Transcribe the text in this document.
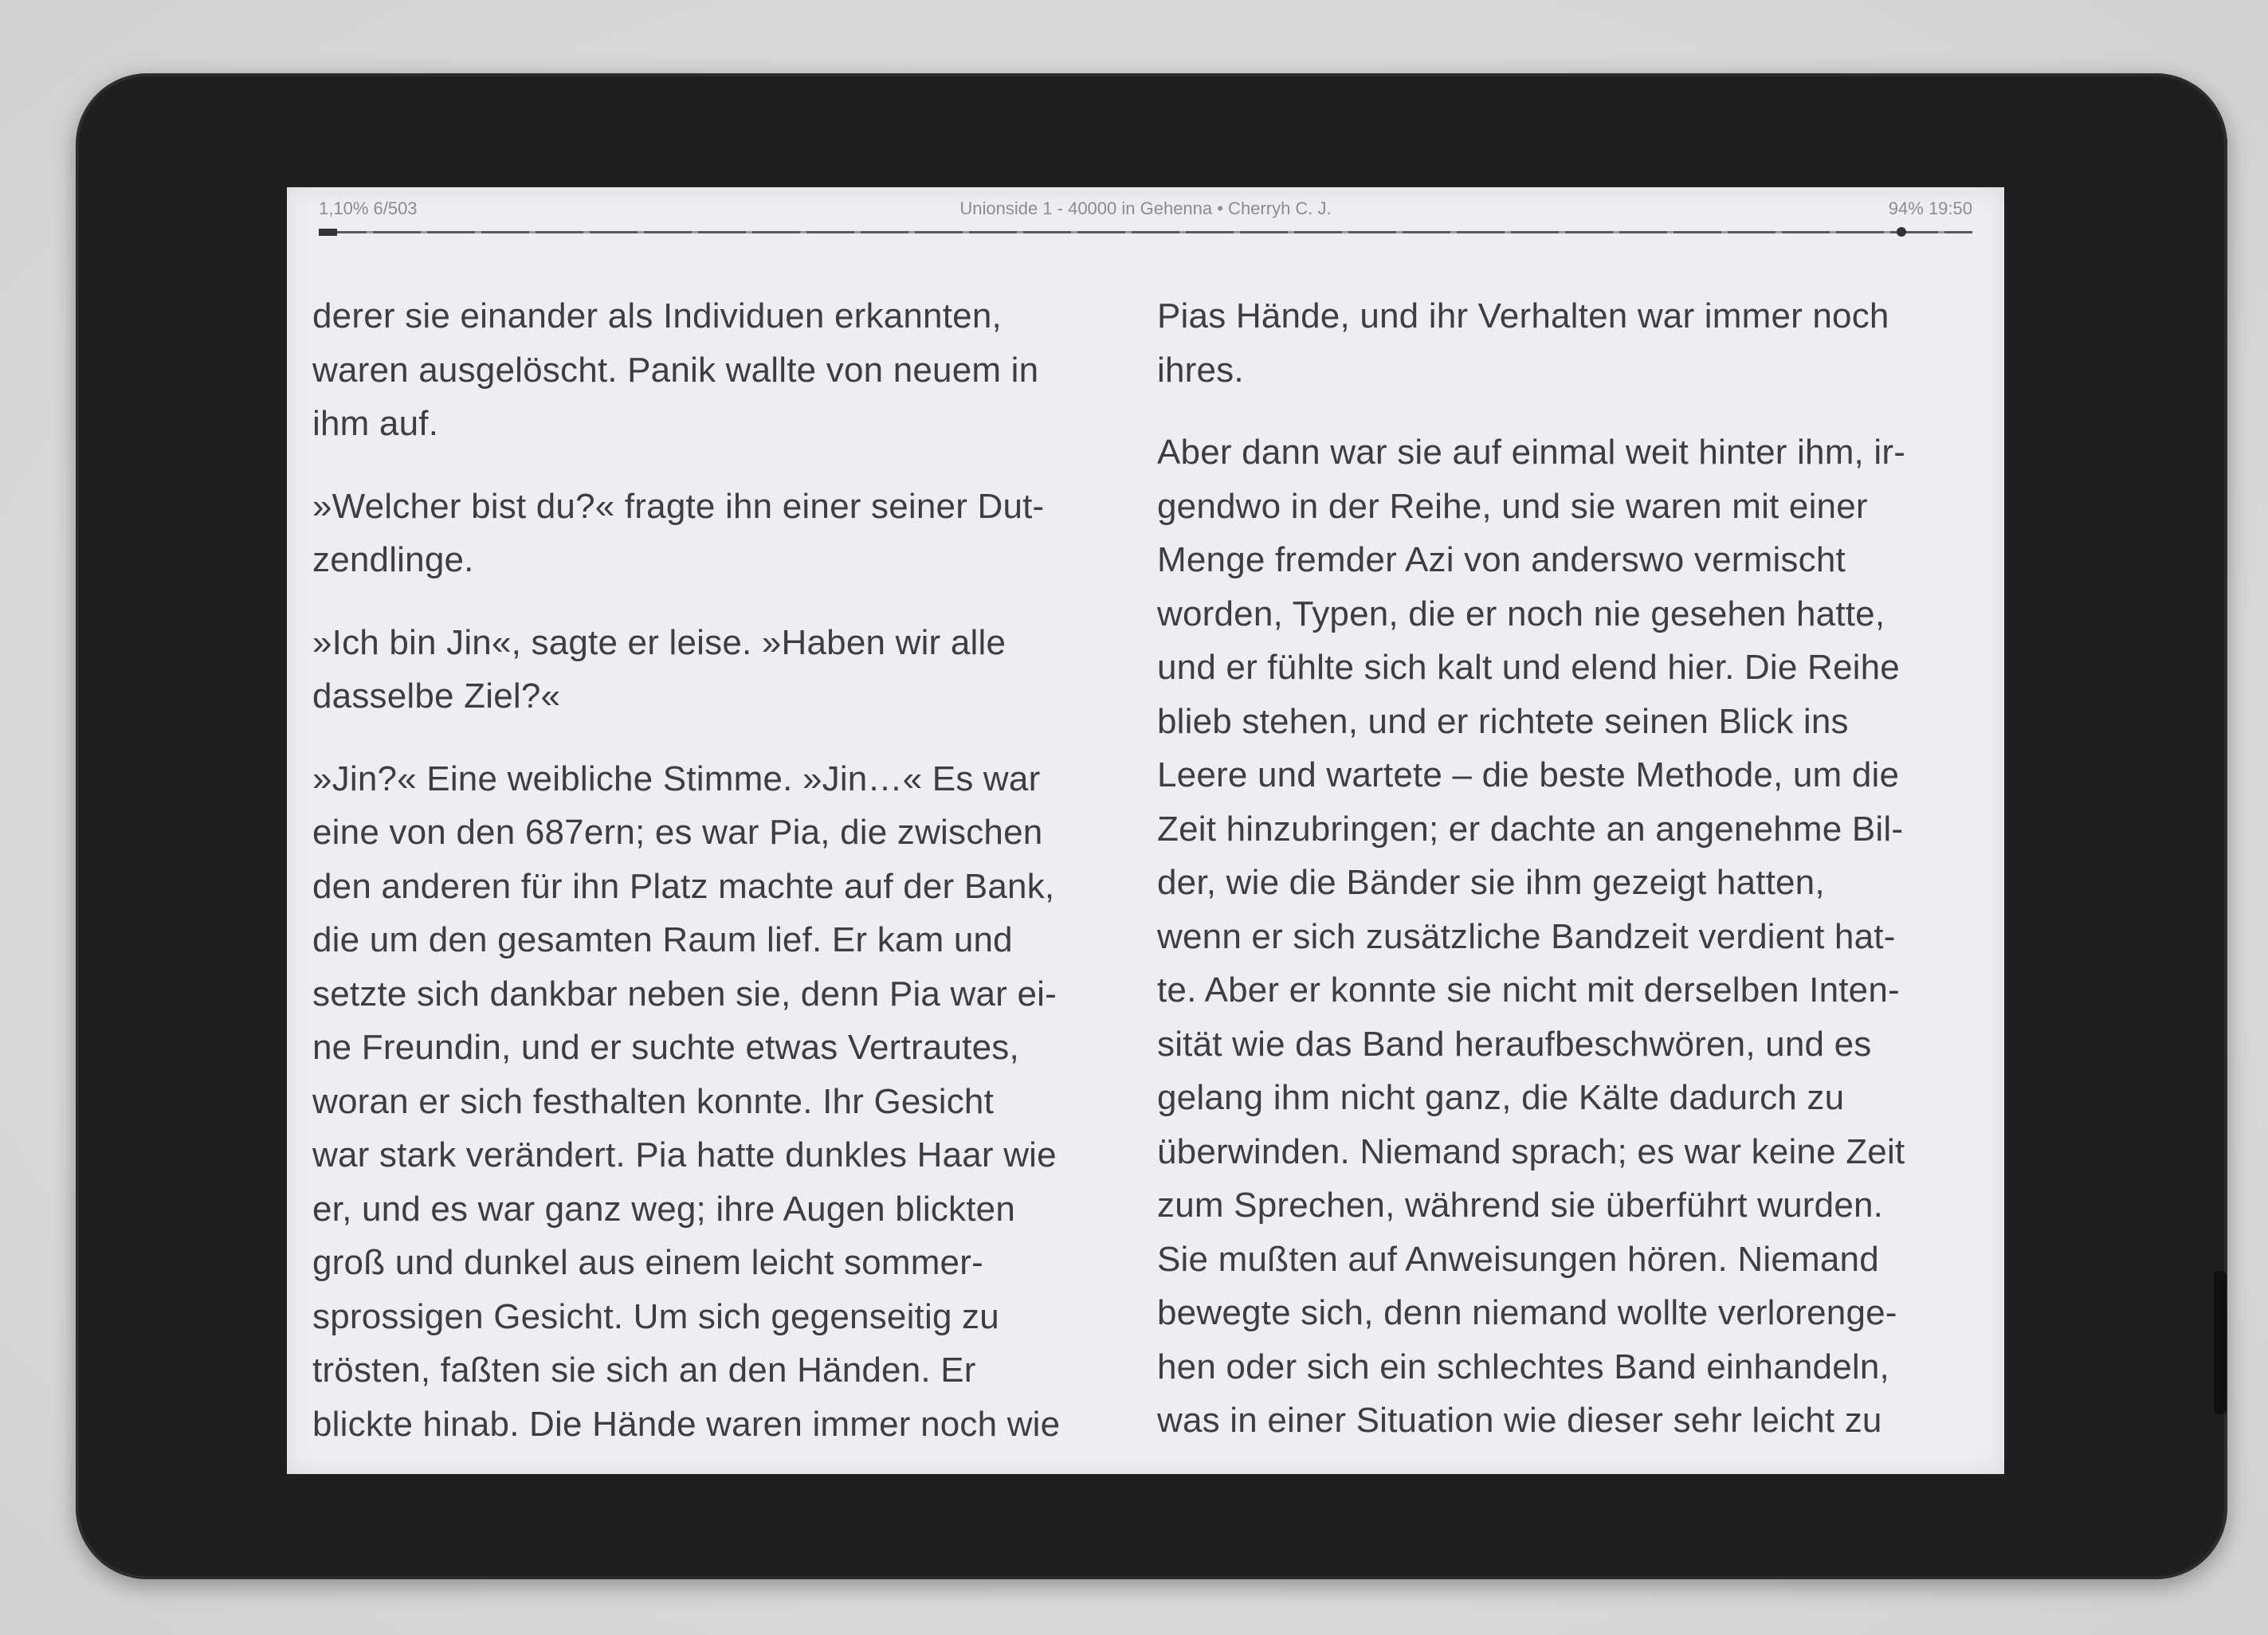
1,10% 6/503	Unionside 1 - 40000 in Gehenna • Cherryh C. J.	94% 19:50

derer sie einander als Individuen erkannten,
waren ausgelöscht. Panik wallte von neuem in
ihm auf.

»Welcher bist du?« fragte ihn einer seiner Dut-
zendlinge.

»Ich bin Jin«, sagte er leise. »Haben wir alle
dasselbe Ziel?«

»Jin?« Eine weibliche Stimme. »Jin…« Es war
eine von den 687ern; es war Pia, die zwischen
den anderen für ihn Platz machte auf der Bank,
die um den gesamten Raum lief. Er kam und
setzte sich dankbar neben sie, denn Pia war ei-
ne Freundin, und er suchte etwas Vertrautes,
woran er sich festhalten konnte. Ihr Gesicht
war stark verändert. Pia hatte dunkles Haar wie
er, und es war ganz weg; ihre Augen blickten
groß und dunkel aus einem leicht sommer-
sprossigen Gesicht. Um sich gegenseitig zu
trösten, faßten sie sich an den Händen. Er
blickte hinab. Die Hände waren immer noch wie

Pias Hände, und ihr Verhalten war immer noch
ihres.

Aber dann war sie auf einmal weit hinter ihm, ir-
gendwo in der Reihe, und sie waren mit einer
Menge fremder Azi von anderswo vermischt
worden, Typen, die er noch nie gesehen hatte,
und er fühlte sich kalt und elend hier. Die Reihe
blieb stehen, und er richtete seinen Blick ins
Leere und wartete – die beste Methode, um die
Zeit hinzubringen; er dachte an angenehme Bil-
der, wie die Bänder sie ihm gezeigt hatten,
wenn er sich zusätzliche Bandzeit verdient hat-
te. Aber er konnte sie nicht mit derselben Inten-
sität wie das Band heraufbeschwören, und es
gelang ihm nicht ganz, die Kälte dadurch zu
überwinden. Niemand sprach; es war keine Zeit
zum Sprechen, während sie überführt wurden.
Sie mußten auf Anweisungen hören. Niemand
bewegte sich, denn niemand wollte verlorenge-
hen oder sich ein schlechtes Band einhandeln,
was in einer Situation wie dieser sehr leicht zu
